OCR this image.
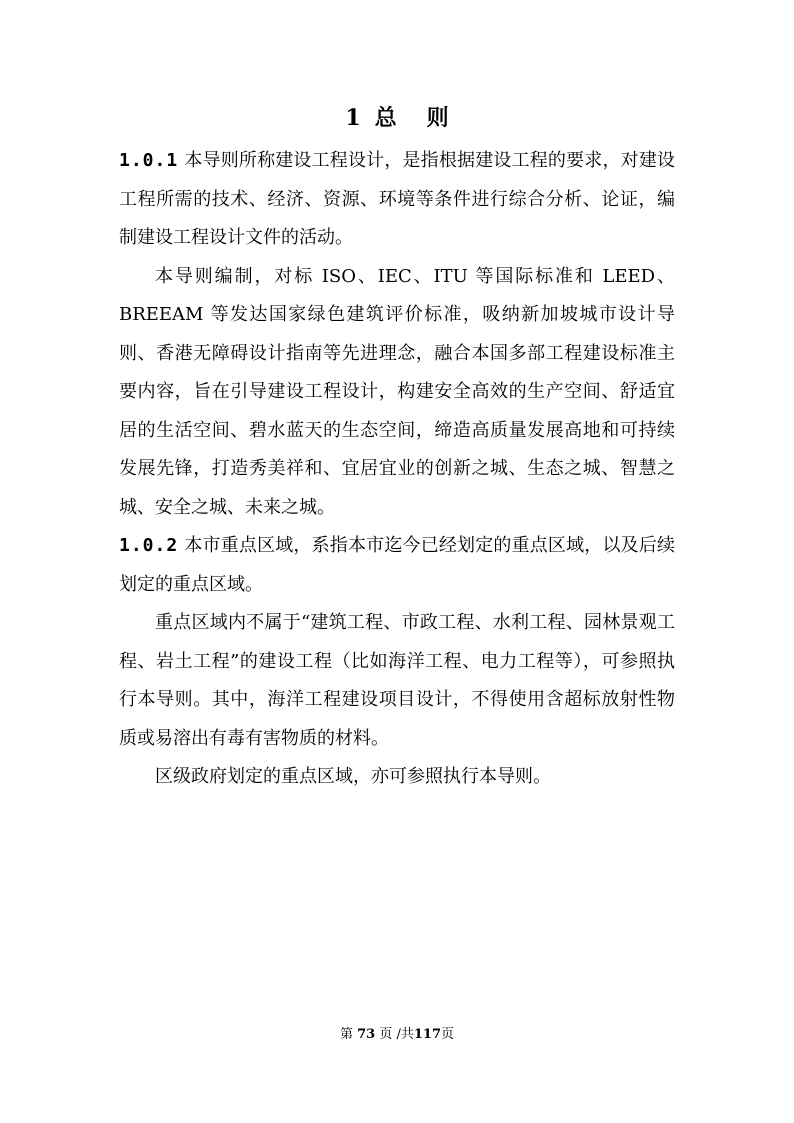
1 总 则

1.0.1 本导则所称建设工程设计，是指根据建设工程的要求，对建设工程所需的技术、经济、资源、环境等条件进行综合分析、论证，编制建设工程设计文件的活动。

本导则编制，对标 ISO、IEC、ITU 等国际标准和 LEED、BREEAM 等发达国家绿色建筑评价标准，吸纳新加坡城市设计导则、香港无障碍设计指南等先进理念，融合本国多部工程建设标准主要内容，旨在引导建设工程设计，构建安全高效的生产空间、舒适宜居的生活空间、碧水蓝天的生态空间，缔造高质量发展高地和可持续发展先锋，打造秀美祥和、宜居宜业的创新之城、生态之城、智慧之城、安全之城、未来之城。

1.0.2 本市重点区域，系指本市迄今已经划定的重点区域，以及后续划定的重点区域。

重点区域内不属于“建筑工程、市政工程、水利工程、园林景观工程、岩土工程”的建设工程（比如海洋工程、电力工程等），可参照执行本导则。其中，海洋工程建设项目设计，不得使用含超标放射性物质或易溶出有毒有害物质的材料。

区级政府划定的重点区域，亦可参照执行本导则。

第 73 页 /共117页
